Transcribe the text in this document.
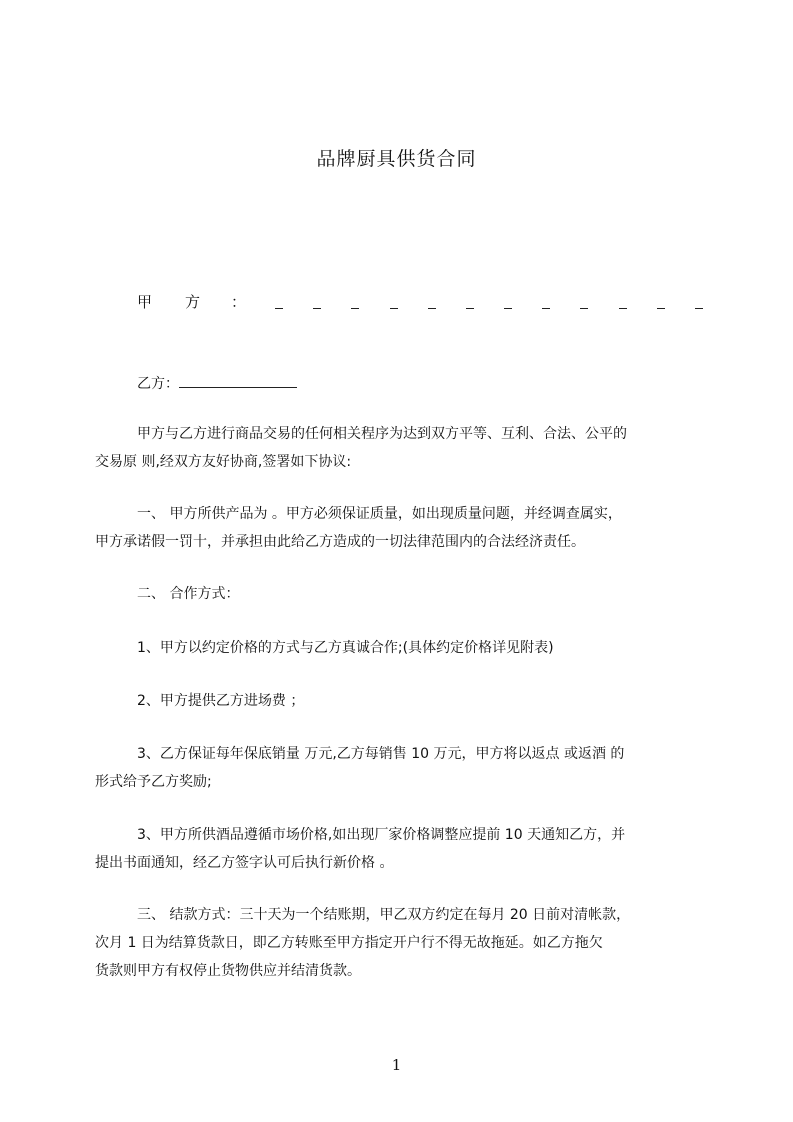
品牌厨具供货合同
甲 方 ：
乙方：
甲方与乙方进行商品交易的任何相关程序为达到双方平等、互利、合法、公平的
交易原 则,经双方友好协商,签署如下协议:
一、 甲方所供产品为 。甲方必须保证质量，如出现质量问题，并经调查属实，
甲方承诺假一罚十，并承担由此给乙方造成的一切法律范围内的合法经济责任。
二、 合作方式：
1、甲方以约定价格的方式与乙方真诚合作;(具体约定价格详见附表)
2、甲方提供乙方进场费 ；
3、乙方保证每年保底销量 万元,乙方每销售 10 万元，甲方将以返点 或返酒 的
形式给予乙方奖励;
3、甲方所供酒品遵循市场价格,如出现厂家价格调整应提前 10 天通知乙方，并
提出书面通知，经乙方签字认可后执行新价格 。
三、 结款方式：三十天为一个结账期，甲乙双方约定在每月 20 日前对清帐款，
次月 1 日为结算货款日，即乙方转账至甲方指定开户行不得无故拖延。如乙方拖欠
货款则甲方有权停止货物供应并结清货款。
1
